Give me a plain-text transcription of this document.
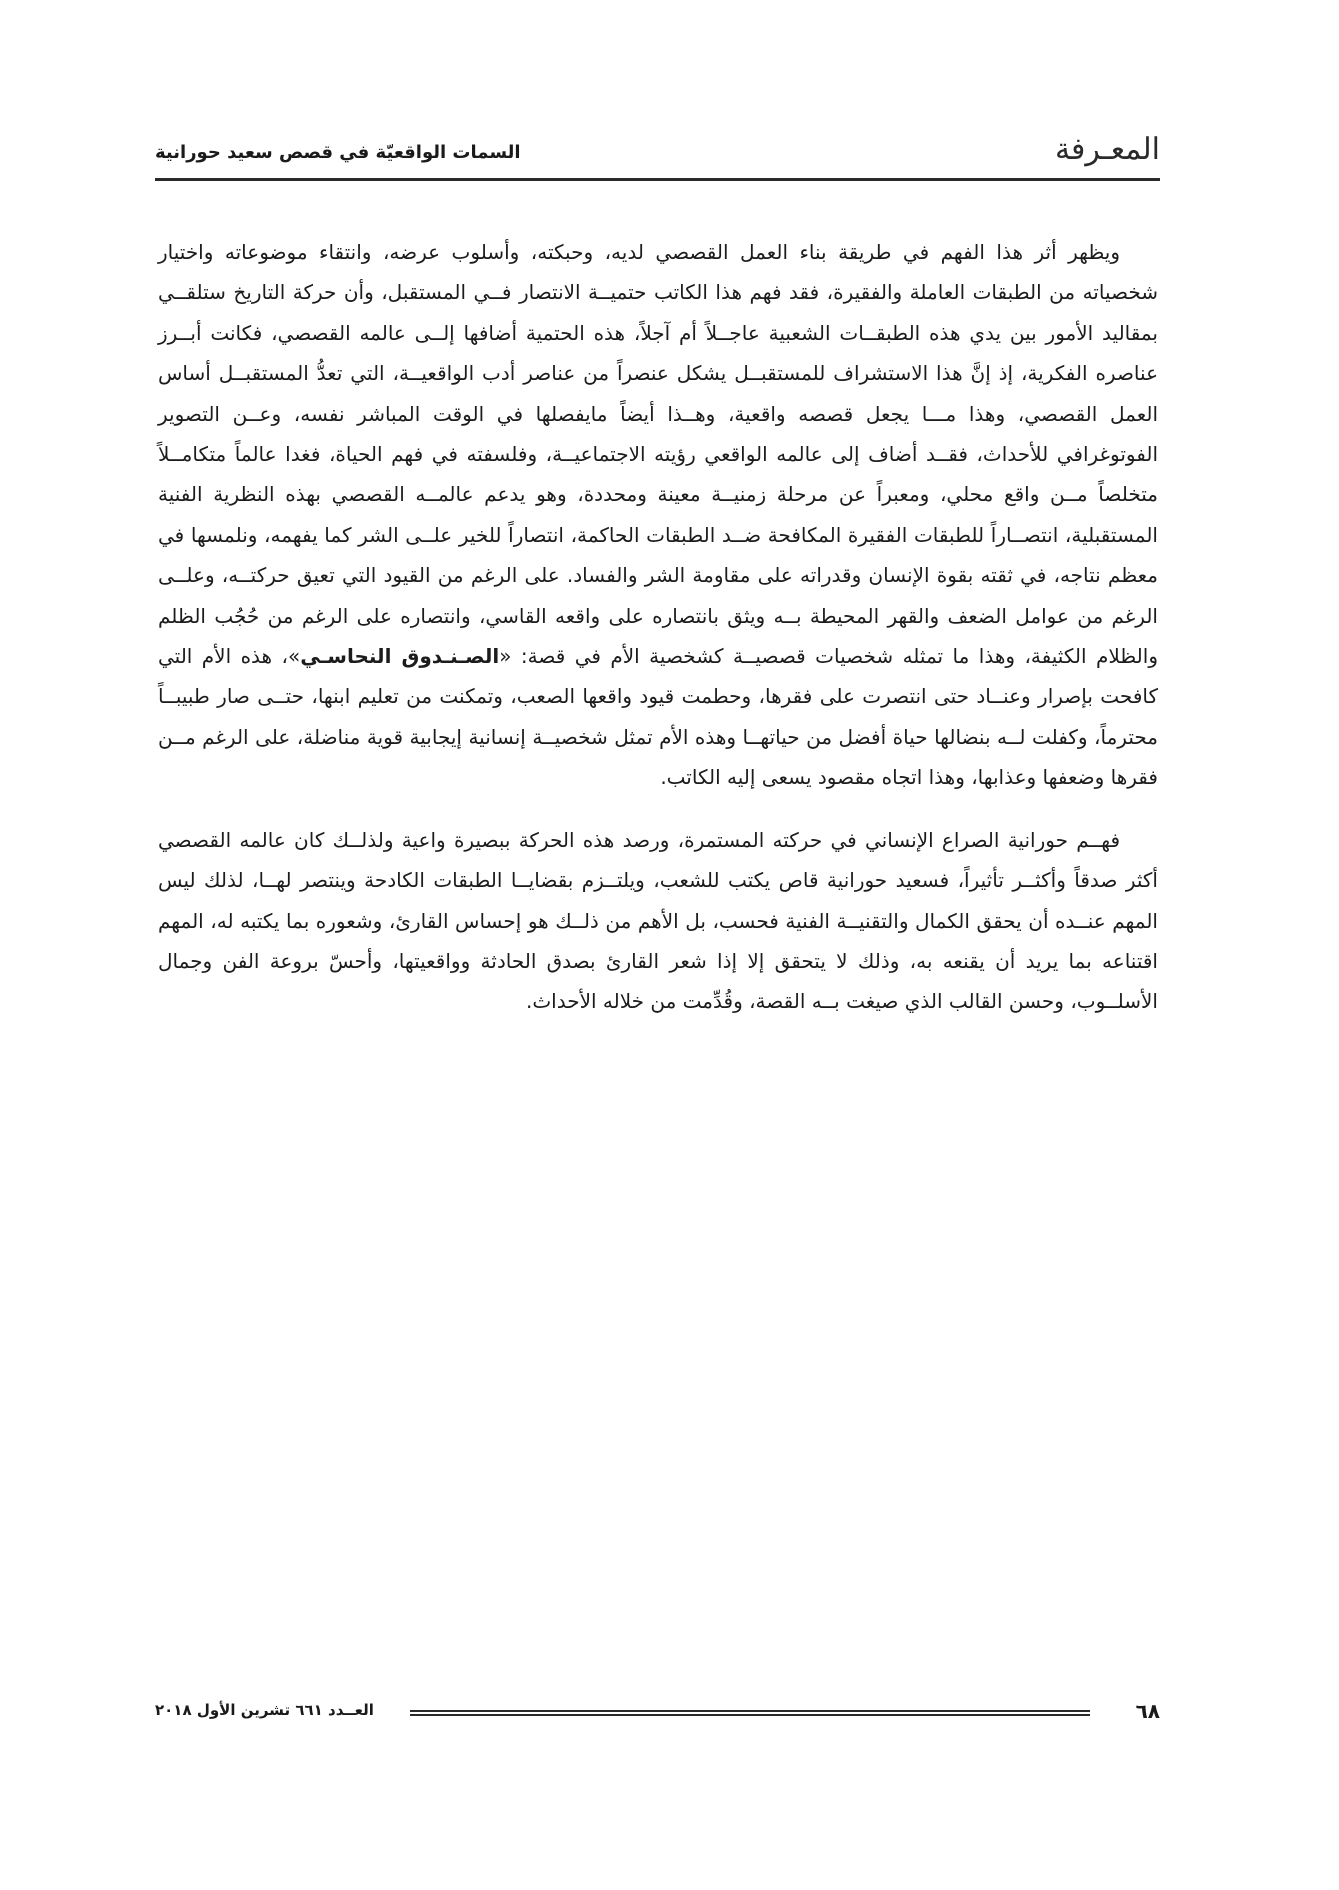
المعـرفة
السمات الواقعيّة في قصص سعيد حورانية

ويظهر أثر هذا الفهم في طريقة بناء العمل القصصي لديه، وحبكته، وأسلوب عرضه، وانتقاء موضوعاته واختيار شخصياته من الطبقات العاملة والفقيرة، فقد فهم هذا الكاتب حتميــة الانتصار فــي المستقبل، وأن حركة التاريخ ستلقــي بمقاليد الأمور بين يدي هذه الطبقــات الشعبية عاجــلاً أم آجلاً، هذه الحتمية أضافها إلــى عالمه القصصي، فكانت أبــرز عناصره الفكرية، إذ إنَّ هذا الاستشراف للمستقبــل يشكل عنصراً من عناصر أدب الواقعيــة، التي تعدُّ المستقبــل أساس العمل القصصي، وهذا مـــا يجعل قصصه واقعية، وهــذا أيضاً مايفصلها في الوقت المباشر نفسه، وعــن التصوير الفوتوغرافي للأحداث، فقــد أضاف إلى عالمه الواقعي رؤيته الاجتماعيــة، وفلسفته في فهم الحياة، فغدا عالماً متكامــلاً متخلصاً مــن واقع محلي، ومعبراً عن مرحلة زمنيــة معينة ومحددة، وهو يدعم عالمــه القصصي بهذه النظرية الفنية المستقبلية، انتصــاراً للطبقات الفقيرة المكافحة ضــد الطبقات الحاكمة، انتصاراً للخير علــى الشر كما يفهمه، ونلمسها في معظم نتاجه، في ثقته بقوة الإنسان وقدراته على مقاومة الشر والفساد. على الرغم من القيود التي تعيق حركتــه، وعلــى الرغم من عوامل الضعف والقهر المحيطة بــه ويثق بانتصاره على واقعه القاسي، وانتصاره على الرغم من حُجُب الظلم والظلام الكثيفة، وهذا ما تمثله شخصيات قصصيــة كشخصية الأم في قصة: «الصـنـدوق النحاسـي»، هذه الأم التي كافحت بإصرار وعنــاد حتى انتصرت على فقرها، وحطمت قيود واقعها الصعب، وتمكنت من تعليم ابنها، حتــى صار طبيبــاً محترماً، وكفلت لــه بنضالها حياة أفضل من حياتهــا وهذه الأم تمثل شخصيــة إنسانية إيجابية قوية مناضلة، على الرغم مــن فقرها وضعفها وعذابها، وهذا اتجاه مقصود يسعى إليه الكاتب.

فهــم حورانية الصراع الإنساني في حركته المستمرة، ورصد هذه الحركة ببصيرة واعية ولذلــك كان عالمه القصصي أكثر صدقاً وأكثــر تأثيراً، فسعيد حورانية قاص يكتب للشعب، ويلتــزم بقضايــا الطبقات الكادحة وينتصر لهــا، لذلك ليس المهم عنــده أن يحقق الكمال والتقنيــة الفنية فحسب، بل الأهم من ذلــك هو إحساس القارئ، وشعوره بما يكتبه له، المهم اقتناعه بما يريد أن يقنعه به، وذلك لا يتحقق إلا إذا شعر القارئ بصدق الحادثة وواقعيتها، وأحسّ بروعة الفن وجمال الأسلــوب، وحسن القالب الذي صيغت بــه القصة، وقُدِّمت من خلاله الأحداث.

٦٨
العــدد ٦٦١ تشرين الأول ٢٠١٨
